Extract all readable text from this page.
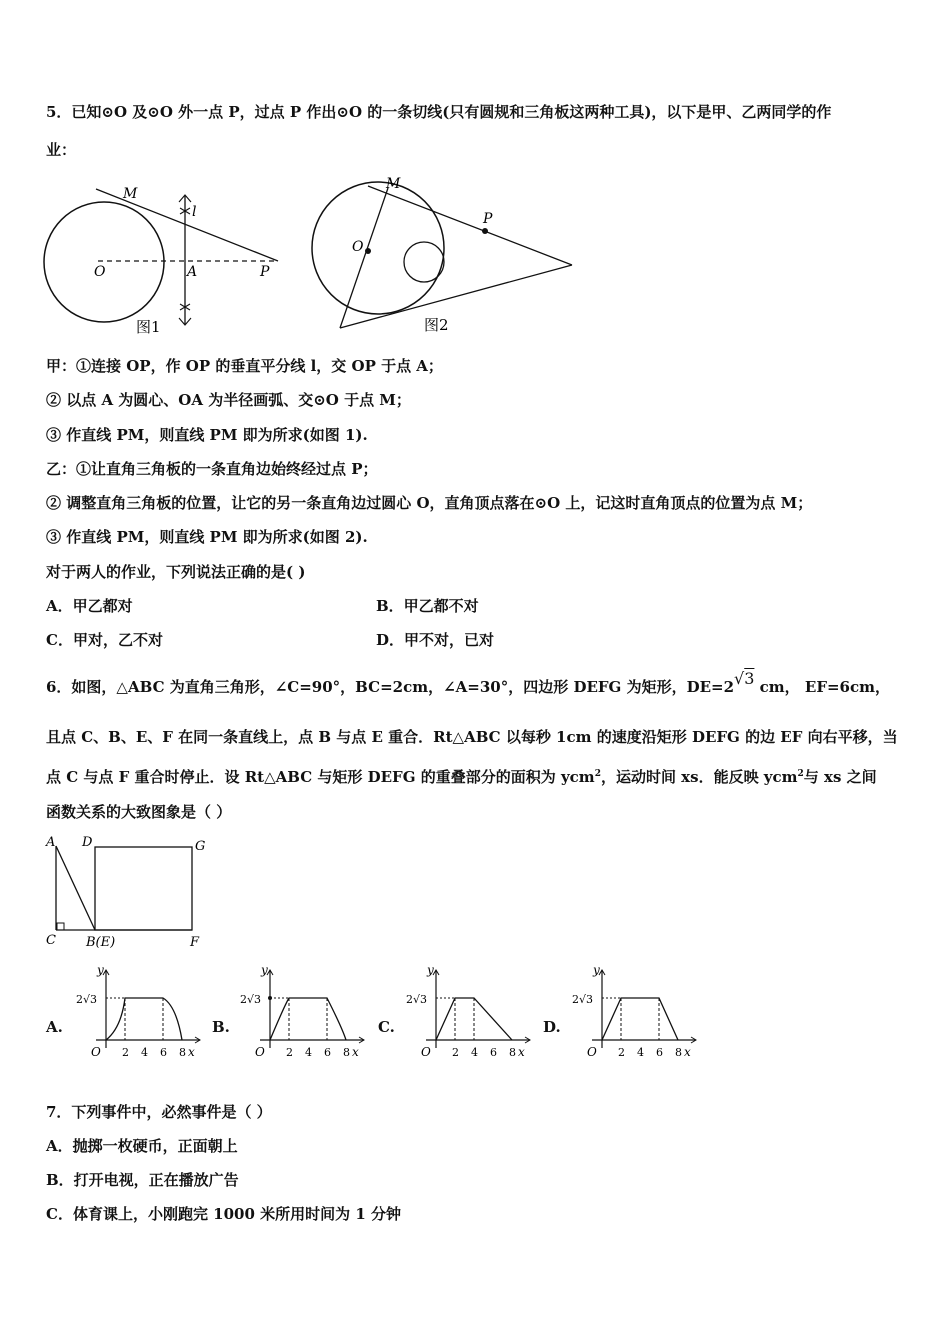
5．已知⊙O 及⊙O 外一点 P，过点 P 作出⊙O 的一条切线(只有圆规和三角板这两种工具)，以下是甲、乙两同学的作
业：
M
l
O	A	P
图1
M
P
O
图2
甲：①连接 OP，作 OP 的垂直平分线 l，交 OP 于点 A；
② 以点 A 为圆心、OA 为半径画弧、交⊙O 于点 M；
③ 作直线 PM，则直线 PM 即为所求(如图 1).
乙：①让直角三角板的一条直角边始终经过点 P；
② 调整直角三角板的位置，让它的另一条直角边过圆心 O，直角顶点落在⊙O 上，记这时直角顶点的位置为点 M；
③ 作直线 PM，则直线 PM 即为所求(如图 2).
对于两人的作业，下列说法正确的是( )
A．甲乙都对	B．甲乙都不对
C．甲对，乙不对	D．甲不对，已对
6．如图，△ABC 为直角三角形，∠C=90°，BC=2cm，∠A=30°，四边形 DEFG 为矩形，DE=2√3 cm， EF=6cm，
且点 C、B、E、F 在同一条直线上，点 B 与点 E 重合．Rt△ABC 以每秒 1cm 的速度沿矩形 DEFG 的边 EF 向右平移，当
点 C 与点 F 重合时停止．设 Rt△ABC 与矩形 DEFG 的重叠部分的面积为 ycm$^2$，运动时间 xs．能反映 ycm$^2$与 xs 之间
函数关系的大致图象是（ ）
A D	G
C B(E)	F
A.
y
x
O
2√3
2 4 6 8
B.
y
x
O
2√3
2 4 6 8
C.
y
x
O
2√3
2 4 6 8
D.
y
x
O
2√3
2 4 6 8
7．下列事件中，必然事件是（ ）
A．抛掷一枚硬币，正面朝上
B．打开电视，正在播放广告
C．体育课上，小刚跑完 1000 米所用时间为 1 分钟
